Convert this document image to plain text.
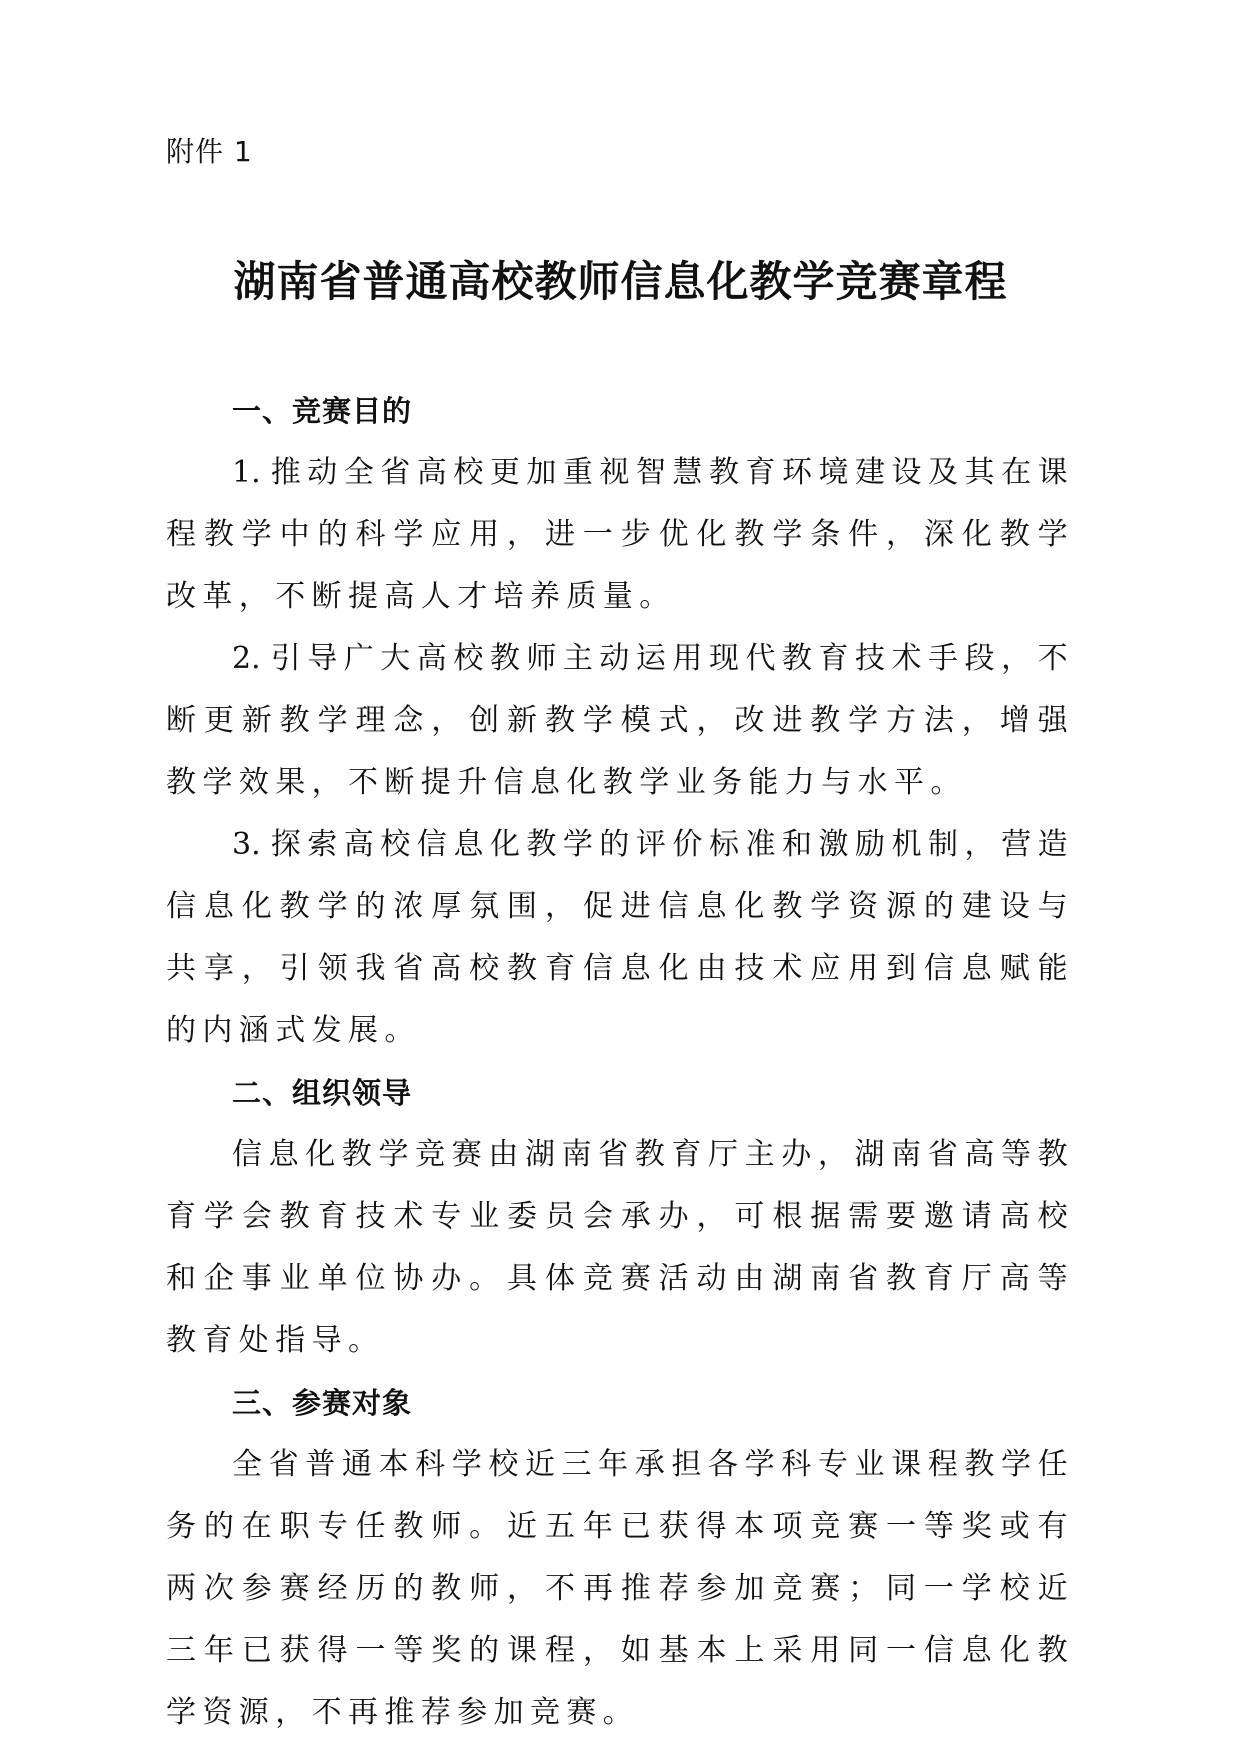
附件 1
湖南省普通高校教师信息化教学竞赛章程

一、竞赛目的

1. 推动全省高校更加重视智慧教育环境建设及其在课程教学中的科学应用，进一步优化教学条件，深化教学改革，不断提高人才培养质量。

2. 引导广大高校教师主动运用现代教育技术手段，不断更新教学理念，创新教学模式，改进教学方法，增强教学效果，不断提升信息化教学业务能力与水平。

3. 探索高校信息化教学的评价标准和激励机制，营造信息化教学的浓厚氛围，促进信息化教学资源的建设与共享，引领我省高校教育信息化由技术应用到信息赋能的内涵式发展。

二、组织领导

信息化教学竞赛由湖南省教育厅主办，湖南省高等教育学会教育技术专业委员会承办，可根据需要邀请高校和企事业单位协办。具体竞赛活动由湖南省教育厅高等教育处指导。

三、参赛对象

全省普通本科学校近三年承担各学科专业课程教学任务的在职专任教师。近五年已获得本项竞赛一等奖或有两次参赛经历的教师，不再推荐参加竞赛；同一学校近三年已获得一等奖的课程，如基本上采用同一信息化教学资源，不再推荐参加竞赛。
